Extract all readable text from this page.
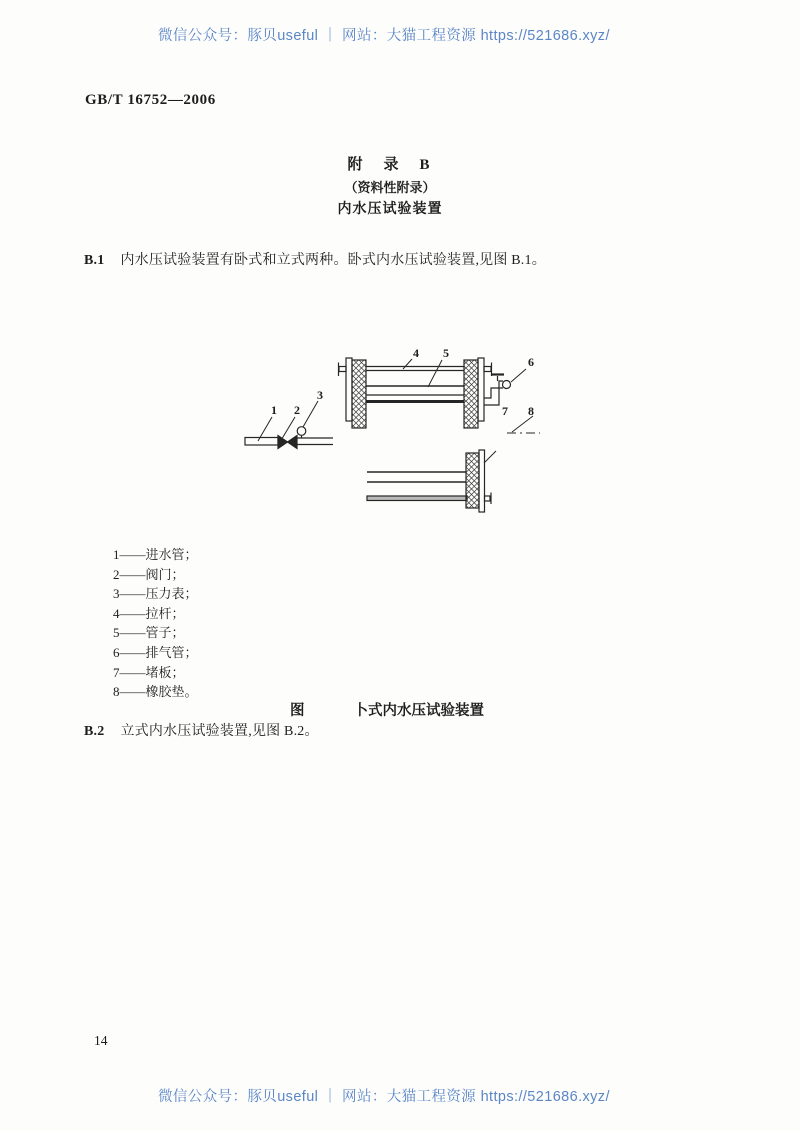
微信公众号：豚贝useful ｜ 网站：大猫工程资源 https://521686.xyz/
GB/T 16752—2006
附　录　B
（资料性附录）
内水压试验装置
B.1 内水压试验装置有卧式和立式两种。卧式内水压试验装置,见图 B.1。
1 2
3
4 5
6
7 8
1——进水管；
2——阀门；
3——压力表；
4——拉杆；
5——管子；
6——排气管；
7——堵板；
8——橡胶垫。
图	卜式内水压试验装置
B.2 立式内水压试验装置,见图 B.2。
14
微信公众号：豚贝useful ｜ 网站：大猫工程资源 https://521686.xyz/
